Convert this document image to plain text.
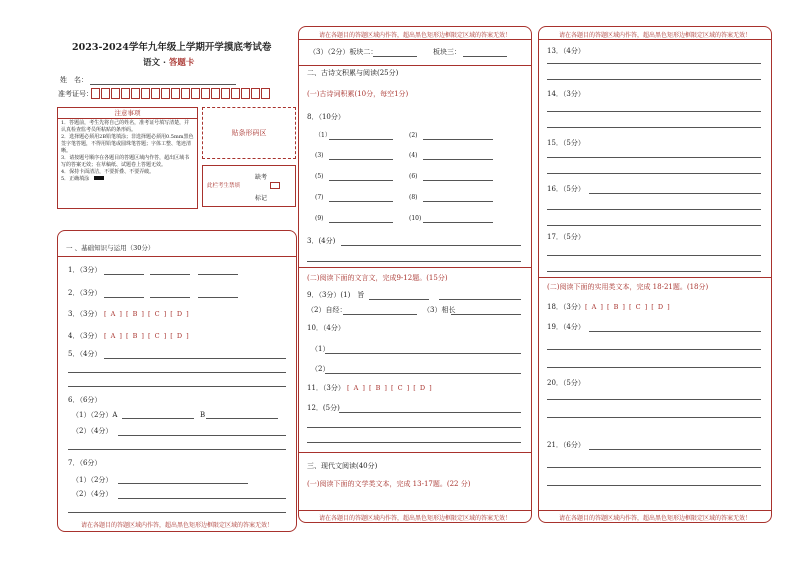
2023-2024学年九年级上学期开学摸底考试卷
语文 · 答题卡
姓　名：
准考证号：
注意事项
1．答题前，考生先将自己的姓名，准考证号填写清楚，并认真检查监考员所粘贴的条形码。
2．选择题必须用2B铅笔填涂；非选择题必须用0.5mm黑色签字笔答题，不得用铅笔或圆珠笔答题；字体工整、笔迹清晰。
3．请按题号顺序在各题目的答题区域内作答，超出区域书写的答案无效；在草稿纸、试题卷上答题无效。
4．保持卡面清洁，不要折叠、不要弄破。
5．正确填涂
贴条形码区
此栏考生禁填
缺考
标记
一 、基础知识与运用（30分）
1．（3分）
2．（3分）
3．（3分） [ A ] [ B ] [ C ] [ D ]
4．（3分） [ A ] [ B ] [ C ] [ D ]
5．（4分）
6．（6分）
（1）（2分）A	B
（2）（4分）
7．（6分）
（1）（2分）
（2）（4分）
请在各题目的答题区域内作答，超出黑色矩形边框限定区域的答案无效！
请在各题目的答题区域内作答，超出黑色矩形边框限定区域的答案无效！
（3）（2分）板块二：	板块三：
二、古诗文积累与阅读(25分)
(一)古诗词积累(10分，每空1分)
8．（10分）
（1）	(2)
(3)	(4)
(5)	(6)
(7)	(8)
(9)	(10)
3．(4分)
(二)阅读下面的文言文，完成9-12题。(15分)
9．（3分）(1)　旨
（2）自经：	（3）相长
10．（4分）
（1）
（2）
11．（3分） [ A ] [ B ] [ C ] [ D ]
12．(5分)
三、现代文阅读(40分)
(一)阅读下面的文学类文本，完成 13-17题。(22 分)
请在各题目的答题区域内作答，超出黑色矩形边框限定区域的答案无效！
请在各题目的答题区域内作答，超出黑色矩形边框限定区域的答案无效！
13．（4分）
14．（3分）
15．（5分）
16．（5分）
17．（5分）
(二)阅读下面的实用类文本，完成 18-21题。(18分)
18．（3分） [ A ] [ B ] [ C ] [ D ]
19．（4分）
20．（5分）
21．（6分）
请在各题目的答题区域内作答，超出黑色矩形边框限定区域的答案无效！
